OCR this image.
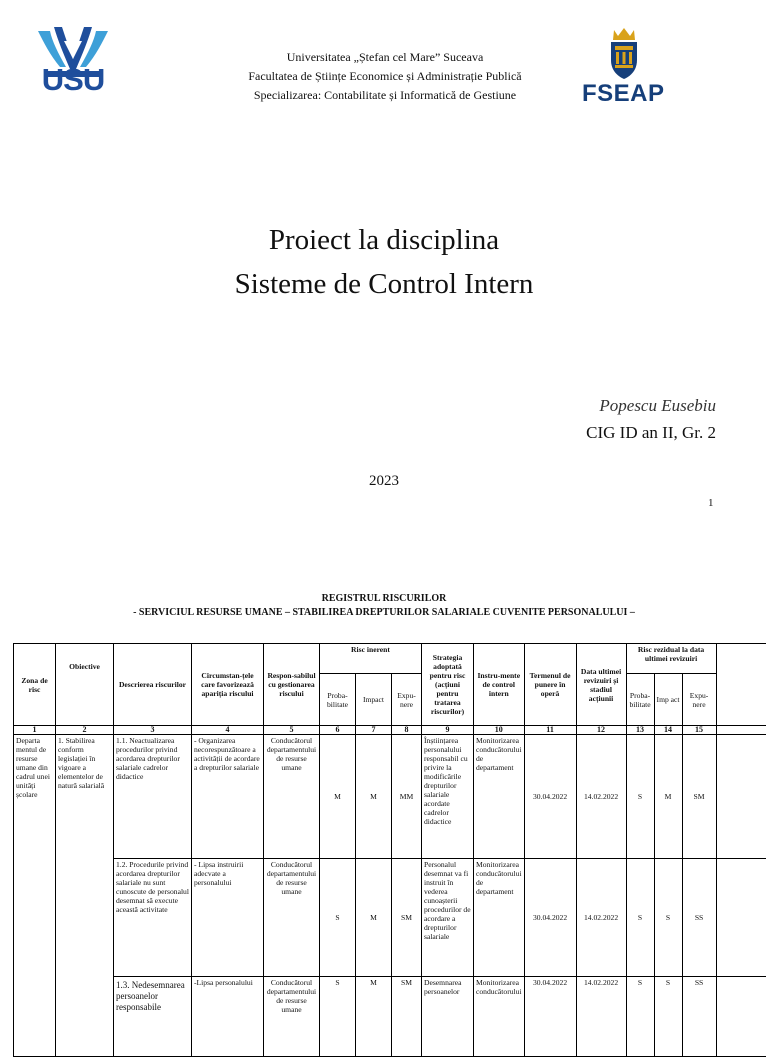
USU
Universitatea „Ștefan cel Mare” Suceava
Facultatea de Științe Economice și Administrație Publică
Specializarea: Contabilitate și Informatică de Gestiune	FSEAP
Proiect la disciplina
Sisteme de Control Intern
Popescu Eusebiu
CIG ID an II, Gr. 2
2023
1
REGISTRUL RISCURILOR
- SERVICIUL RESURSE UMANE – STABILIREA DREPTURILOR SALARIALE CUVENITE PERSONALULUI –
Zona de risc	Obiective	Descrierea riscurilor	Circumstan-țele care favorizează apariția riscului	Respon-sabilul cu gestionarea riscului	Risc inerent			Strategia adoptată pentru risc (acțiuni pentru tratarea riscurilor)	Instru-mente de control intern	Termenul de punere în operă	Data ultimei revizuiri și stadiul acțiunii	Risc rezidual la data ultimei revizuiri			
					Proba-bilitate	Impact	Expu-nere					Proba-bilitate	Imp act	Expu-nere	
1	2	3	4	5	6	7	8	9	10	11	12	13	14	15	
Departa mentul de resurse umane din cadrul unei unități școlare	1. Stabilirea conform legislației în vigoare a elementelor de natură salarială	1.1. Neactualizarea procedurilor privind acordarea drepturilor salariale cadrelor didactice	- Organizarea necorespunzătoare a activității de acordare a drepturilor salariale	Conducătorul departamentului de resurse umane	M	M	MM	Înștiințarea personalului responsabil cu privire la modificările drepturilor salariale acordate cadrelor didactice	Monitorizarea conducătorului de departament	30.04.2022	14.02.2022	S	M	SM	
		1.2. Procedurile privind acordarea drepturilor salariale nu sunt cunoscute de personalul desemnat să execute această activitate	- Lipsa instruirii adecvate a personalului	Conducătorul departamentului de resurse umane	S	M	SM	Personalul desemnat va fi instruit în vederea cunoașterii procedurilor de acordare a drepturilor salariale	Monitorizarea conducătorului de departament	30.04.2022	14.02.2022	S	S	SS	
		1.3. Nedesemnarea persoanelor responsabile	-Lipsa personalului	Conducătorul departamentului de resurse umane	S	M	SM	Desemnarea persoanelor	Monitorizarea conducătorului	30.04.2022	14.02.2022	S	S	SS	
